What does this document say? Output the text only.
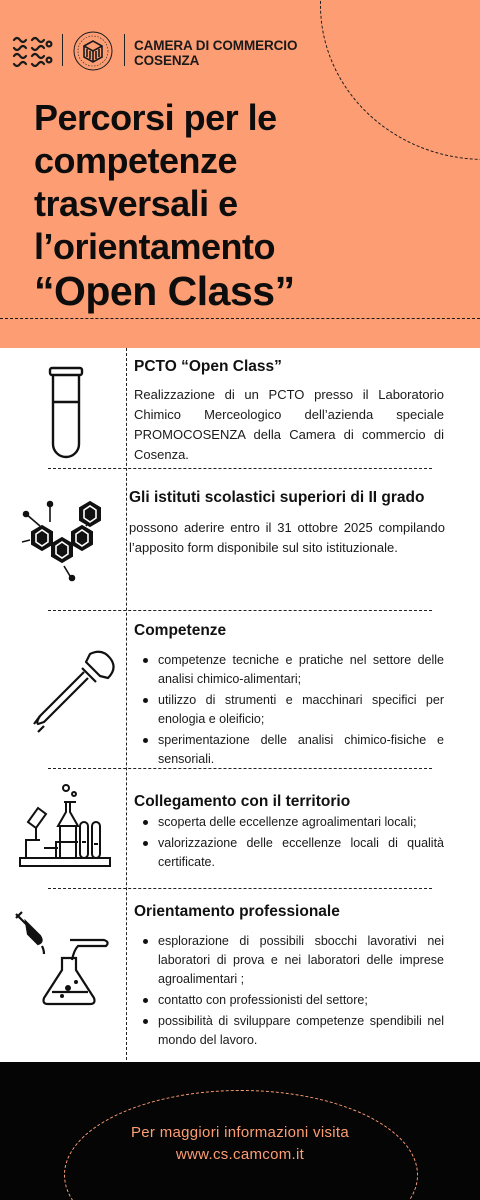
CAMERA DI COMMERCIO
COSENZA
Percorsi per le
competenze
trasversali e
l’orientamento
“Open Class”
PCTO “Open Class”

Realizzazione di un PCTO presso il Laboratorio Chimico Merceologico dell’azienda speciale PROMOCOSENZA della Camera di commercio di Cosenza.

Gli istituti scolastici superiori di II grado

possono aderire entro il 31 ottobre 2025 compilando l’apposito form disponibile sul sito istituzionale.

Competenze
competenze tecniche e pratiche nel settore delle analisi chimico-alimentari;
utilizzo di strumenti e macchinari specifici per enologia e oleificio;
sperimentazione delle analisi chimico-fisiche e sensoriali.
Collegamento con il territorio
scoperta delle eccellenze agroalimentari locali;
valorizzazione delle eccellenze locali di qualità certificate.
Orientamento professionale
esplorazione di possibili sbocchi lavorativi nei laboratori di prova e nei laboratori delle imprese agroalimentari ;
contatto con professionisti del settore;
possibilità di sviluppare competenze spendibili nel mondo del lavoro.
Per maggiori informazioni visita
www.cs.camcom.it
